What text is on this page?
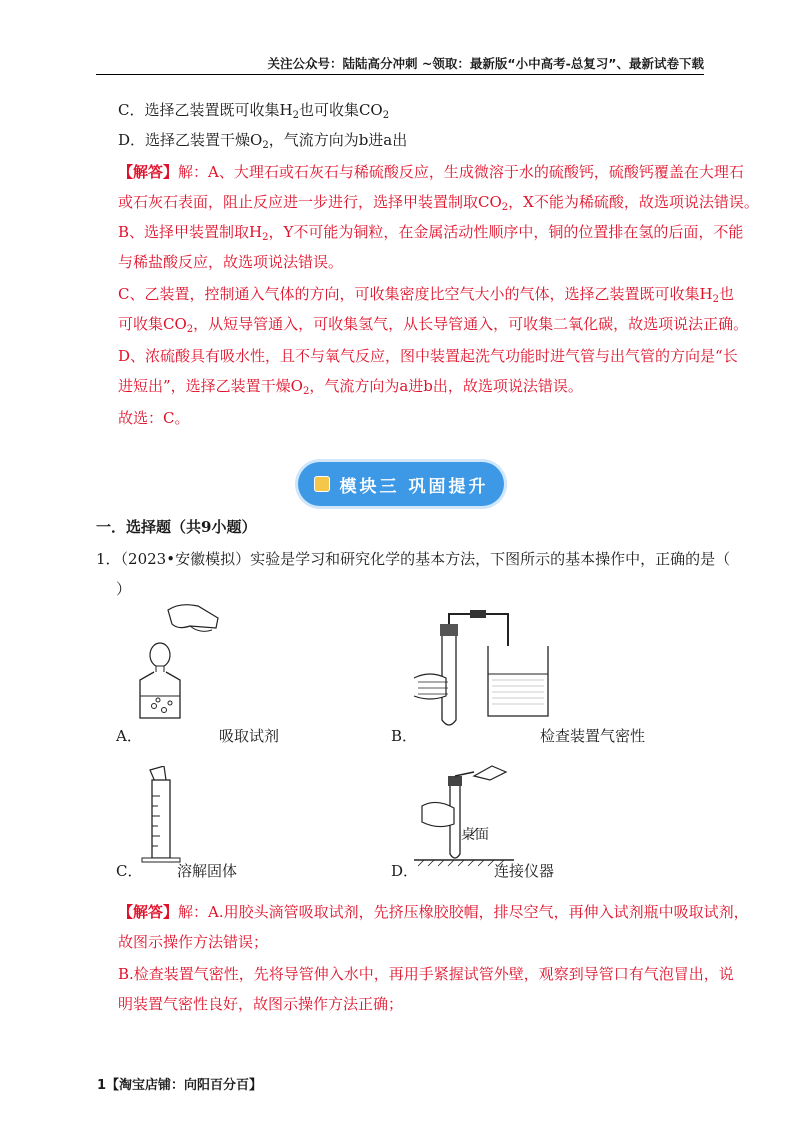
关注公众号：陆陆高分冲刺 ~领取：最新版“小中高考-总复习”、最新试卷下载
C．选择乙装置既可收集$H_2$也可收集$CO_2$
D．选择乙装置干燥$O_2$，气流方向为b进a出
【解答】解：A、大理石或石灰石与稀硫酸反应，生成微溶于水的硫酸钙，硫酸钙覆盖在大理石
或石灰石表面，阻止反应进一步进行，选择甲装置制取$CO_2$，X不能为稀硫酸，故选项说法错误。
B、选择甲装置制取$H_2$，Y不可能为铜粒，在金属活动性顺序中，铜的位置排在氢的后面，不能
与稀盐酸反应，故选项说法错误。
C、乙装置，控制通入气体的方向，可收集密度比空气大小的气体，选择乙装置既可收集$H_2$也
可收集$CO_2$，从短导管通入，可收集氢气，从长导管通入，可收集二氧化碳，故选项说法正确。
D、浓硫酸具有吸水性，且不与氧气反应，图中装置起洗气功能时进气管与出气管的方向是“长
进短出”，选择乙装置干燥$O_2$，气流方向为a进b出，故选项说法错误。
故选：C。
模块三 巩固提升
一．选择题（共9小题）
1．（2023•安徽模拟）实验是学习和研究化学的基本方法，下图所示的基本操作中，正确的是（
）
A．	吸取试剂	B．	检查装置气密性
桌面
C． 溶解固体	D．	连接仪器
【解答】解：A.用胶头滴管吸取试剂，先挤压橡胶胶帽，排尽空气，再伸入试剂瓶中吸取试剂，
故图示操作方法错误；
B.检查装置气密性，先将导管伸入水中，再用手紧握试管外壁，观察到导管口有气泡冒出，说
明装置气密性良好，故图示操作方法正确；
1【淘宝店铺：向阳百分百】
